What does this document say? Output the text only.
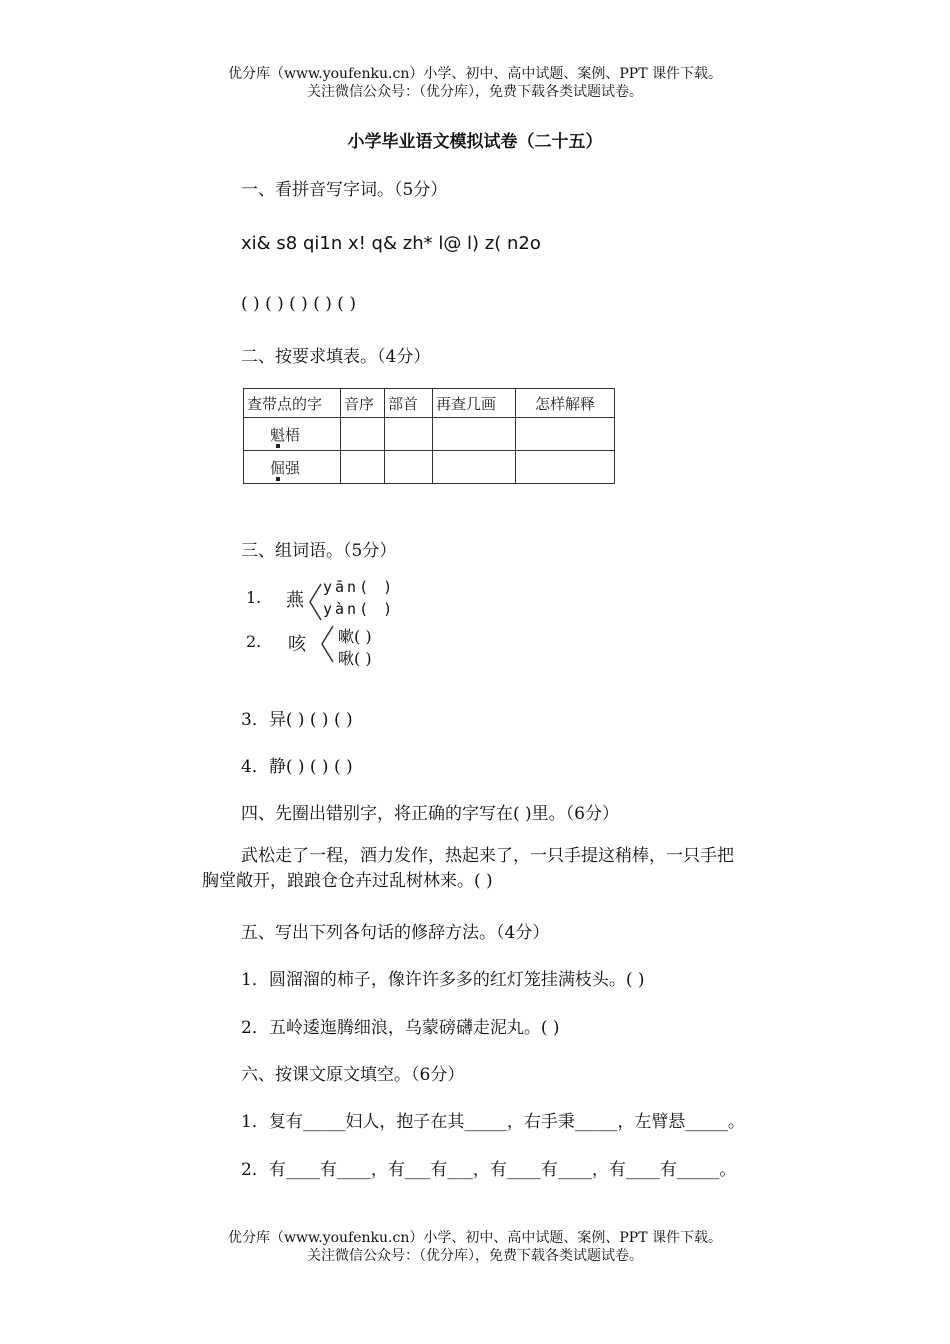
优分库（www.youfenku.cn）小学、初中、高中试题、案例、PPT 课件下载。
关注微信公众号：（优分库），免费下载各类试题试卷。
小学毕业语文模拟试卷（二十五）
一、看拼音写字词。（5分）
xi& s8 qi1n x! q& zh* l@ l) z( n2o
( ) ( ) ( ) ( ) ( )
二、按要求填表。（4分）
查带点的字	音序	部首	再查几画	怎样解释
魁梧				
倔强				
三、组词语。（5分）
1. 燕
yān( )
yàn( )
2. 咳 嗽( )
啾( )
3．异( ) ( ) ( )
4．静( ) ( ) ( )
四、先圈出错别字，将正确的字写在( )里。（6分）
武松走了一程，酒力发作，热起来了，一只手提这稍棒，一只手把
胸堂敞开，踉踉仓仓卉过乱树林来。( )
五、写出下列各句话的修辞方法。（4分）
1．圆溜溜的柿子，像许许多多的红灯笼挂满枝头。( )
2．五岭逶迤腾细浪，乌蒙磅礴走泥丸。( )
六、按课文原文填空。（6分）
1．复有_____妇人，抱子在其_____，右手秉_____，左臂悬_____。
2．有____有____，有___有___，有____有____，有____有_____。
优分库（www.youfenku.cn）小学、初中、高中试题、案例、PPT 课件下载。
关注微信公众号：（优分库），免费下载各类试题试卷。
